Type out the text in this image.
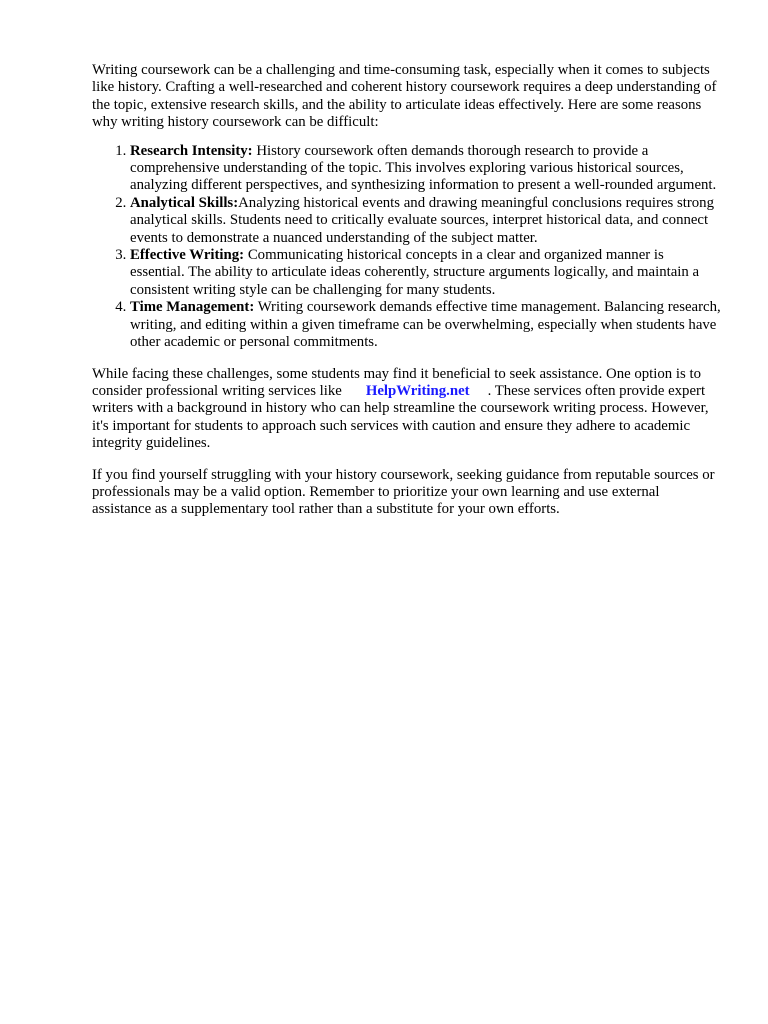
Writing coursework can be a challenging and time-consuming task, especially when it comes to subjects like history. Crafting a well-researched and coherent history coursework requires a deep understanding of the topic, extensive research skills, and the ability to articulate ideas effectively. Here are some reasons why writing history coursework can be difficult:

1. Research Intensity: History coursework often demands thorough research to provide a comprehensive understanding of the topic. This involves exploring various historical sources, analyzing different perspectives, and synthesizing information to present a well-rounded argument.
2. Analytical Skills:Analyzing historical events and drawing meaningful conclusions requires strong analytical skills. Students need to critically evaluate sources, interpret historical data, and connect events to demonstrate a nuanced understanding of the subject matter.
3. Effective Writing: Communicating historical concepts in a clear and organized manner is essential. The ability to articulate ideas coherently, structure arguments logically, and maintain a consistent writing style can be challenging for many students.
4. Time Management: Writing coursework demands effective time management. Balancing research, writing, and editing within a given timeframe can be overwhelming, especially when students have other academic or personal commitments.

While facing these challenges, some students may find it beneficial to seek assistance. One option is to consider professional writing services like HelpWriting.net . These services often provide expert writers with a background in history who can help streamline the coursework writing process. However, it's important for students to approach such services with caution and ensure they adhere to academic integrity guidelines.

If you find yourself struggling with your history coursework, seeking guidance from reputable sources or professionals may be a valid option. Remember to prioritize your own learning and use external assistance as a supplementary tool rather than a substitute for your own efforts.
